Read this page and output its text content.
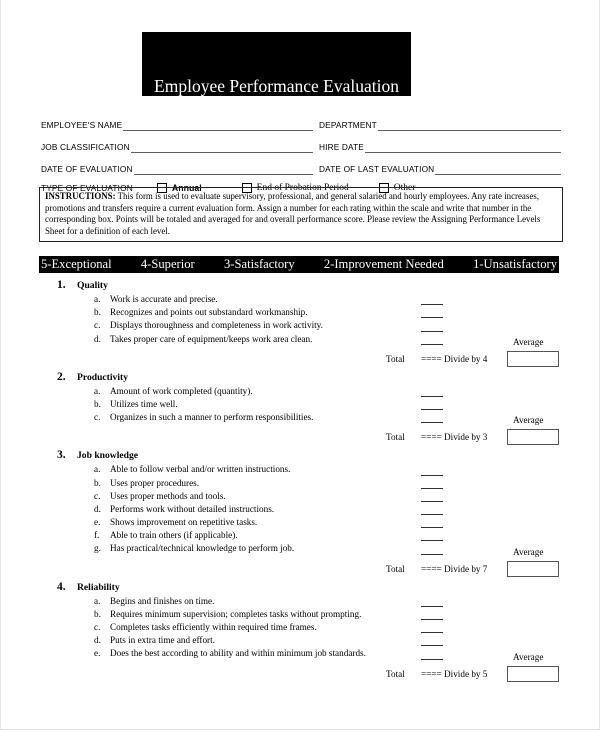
Employee Performance Evaluation
EMPLOYEE'S NAME	DEPARTMENT
JOB CLASSIFICATION	HIRE DATE
DATE OF EVALUATION	DATE OF LAST EVALUATION
TYPE OF EVALUATION	Annual	End of Probation Period	Other
INSTRUCTIONS: This form is used to evaluate supervisory, professional, and general salaried and hourly employees. Any rate increases, promotions and transfers require a current evaluation form. Assign a number for each rating within the scale and write that number in the corresponding box. Points will be totaled and averaged for and overall performance score. Please review the Assigning Performance Levels Sheet for a definition of each level.
5-Exceptional 4-Superior 3-Satisfactory 2-Improvement Needed 1-Unsatisfactory
1.	Quality
a.	Work is accurate and precise.
b. Recognizes and points out substandard workmanship.
c.	Displays thoroughness and completeness in work activity.
d. Takes proper care of equipment/keeps work area clean.	Average
Total ==== Divide by 4
2.	Productivity
a.	Amount of work completed (quantity).
b. Utilizes time well.
c.	Organizes in such a manner to perform responsibilities.	Average
Total ==== Divide by 3
3.	Job knowledge
a.	Able to follow verbal and/or written instructions.
b. Uses proper procedures.
c.	Uses proper methods and tools.
d. Performs work without detailed instructions.
e.	Shows improvement on repetitive tasks.
f.	Able to train others (if applicable).
g. Has practical/technical knowledge to perform job.	Average
Total ==== Divide by 7
4.	Reliability
a.	Begins and finishes on time.
b. Requires minimum supervision; completes tasks without prompting.
c.	Completes tasks efficiently within required time frames.
d. Puts in extra time and effort.
e.	Does the best according to ability and within minimum job standards.	Average
Total ==== Divide by 5
